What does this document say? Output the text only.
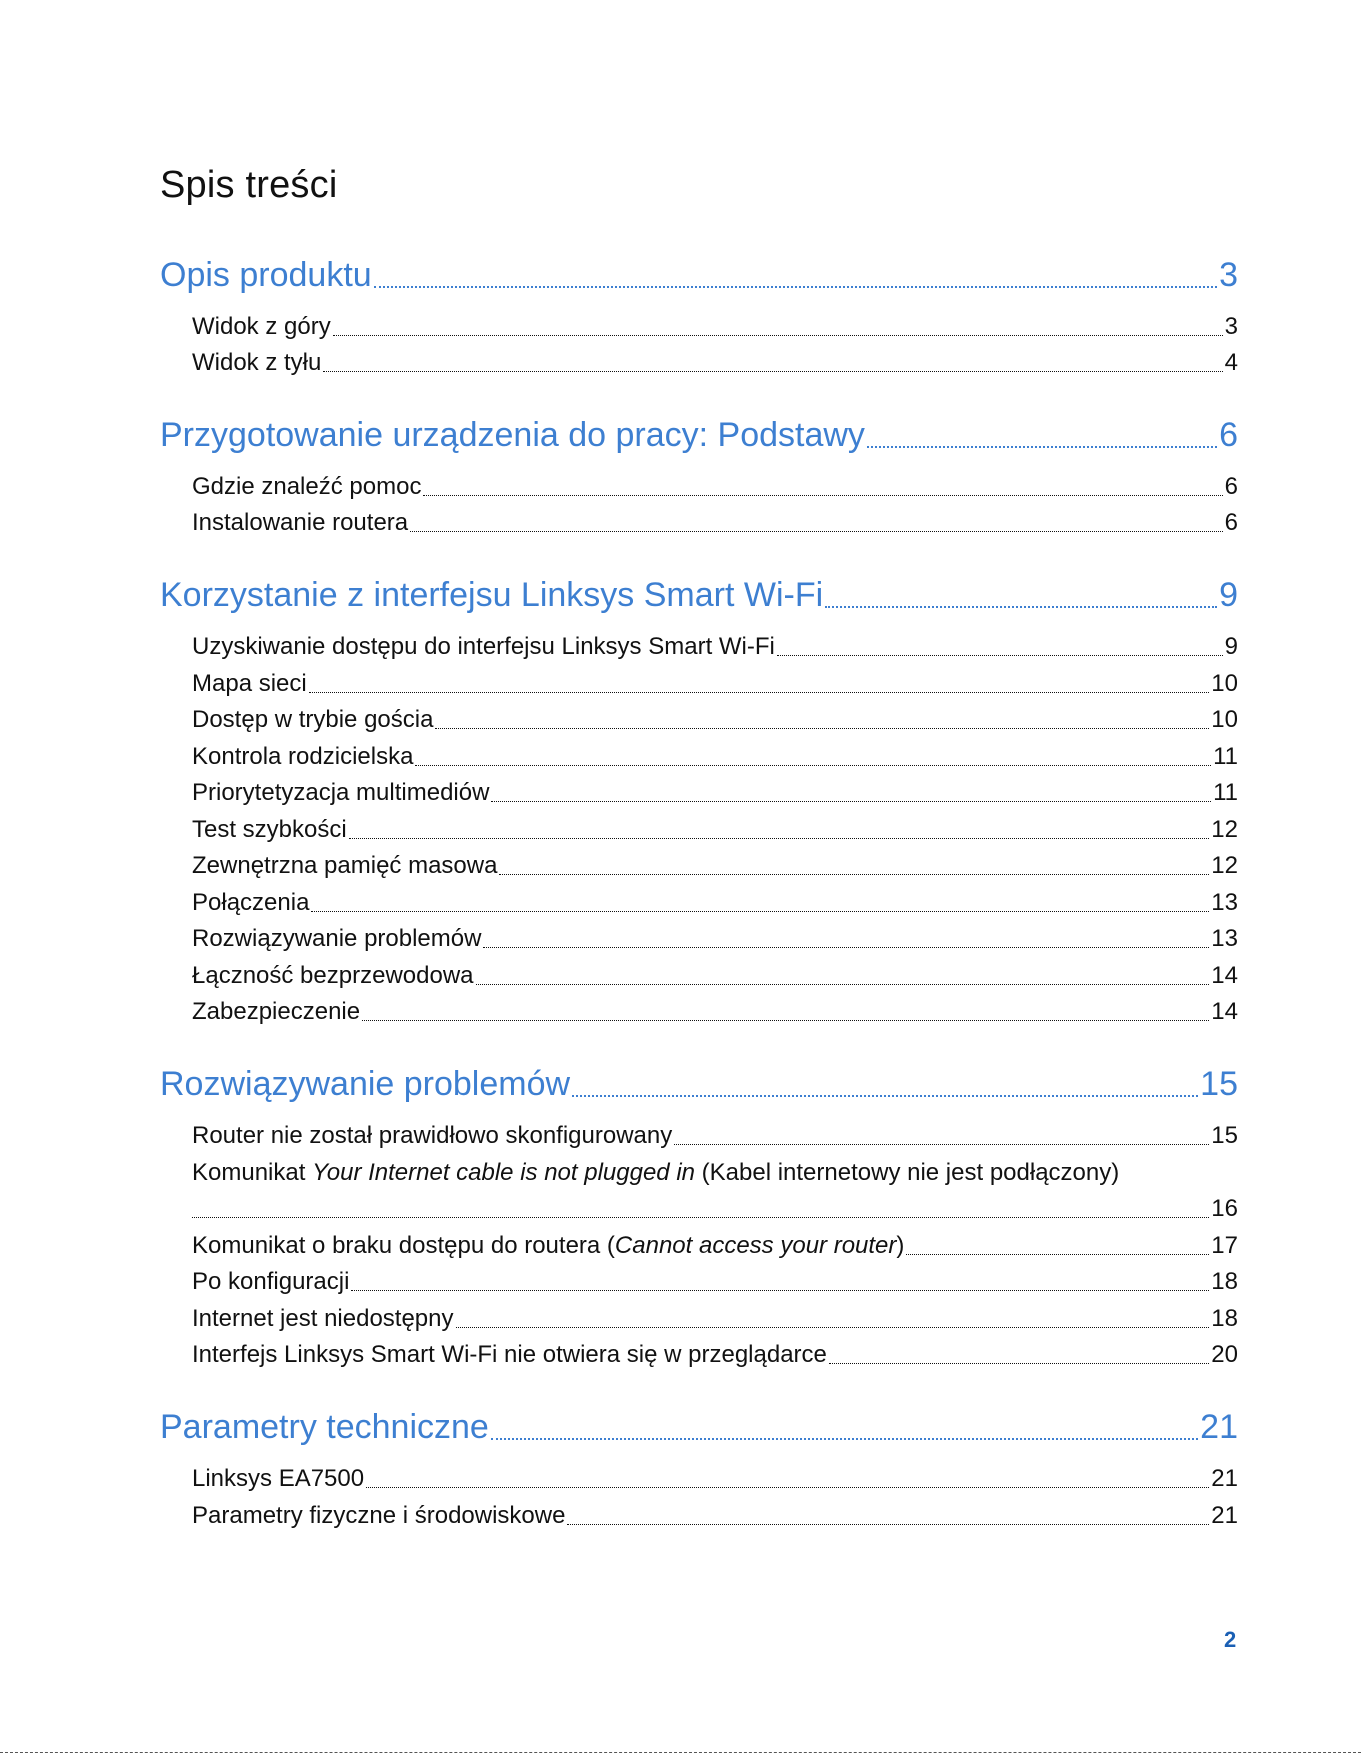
Spis treści
Opis produktu	3
Widok z góry	3
Widok z tyłu	4
Przygotowanie urządzenia do pracy: Podstawy	6
Gdzie znaleźć pomoc	6
Instalowanie routera	6
Korzystanie z interfejsu Linksys Smart Wi-Fi	9
Uzyskiwanie dostępu do interfejsu Linksys Smart Wi-Fi	9
Mapa sieci	10
Dostęp w trybie gościa	10
Kontrola rodzicielska	11
Priorytetyzacja multimediów	11
Test szybkości	12
Zewnętrzna pamięć masowa	12
Połączenia	13
Rozwiązywanie problemów	13
Łączność bezprzewodowa	14
Zabezpieczenie	14
Rozwiązywanie problemów	15
Router nie został prawidłowo skonfigurowany	15
Komunikat Your Internet cable is not plugged in (Kabel internetowy nie jest podłączony)
16
Komunikat o braku dostępu do routera (Cannot access your router)	17
Po konfiguracji	18
Internet jest niedostępny	18
Interfejs Linksys Smart Wi-Fi nie otwiera się w przeglądarce	20
Parametry techniczne	21
Linksys EA7500	21
Parametry fizyczne i środowiskowe	21
2
